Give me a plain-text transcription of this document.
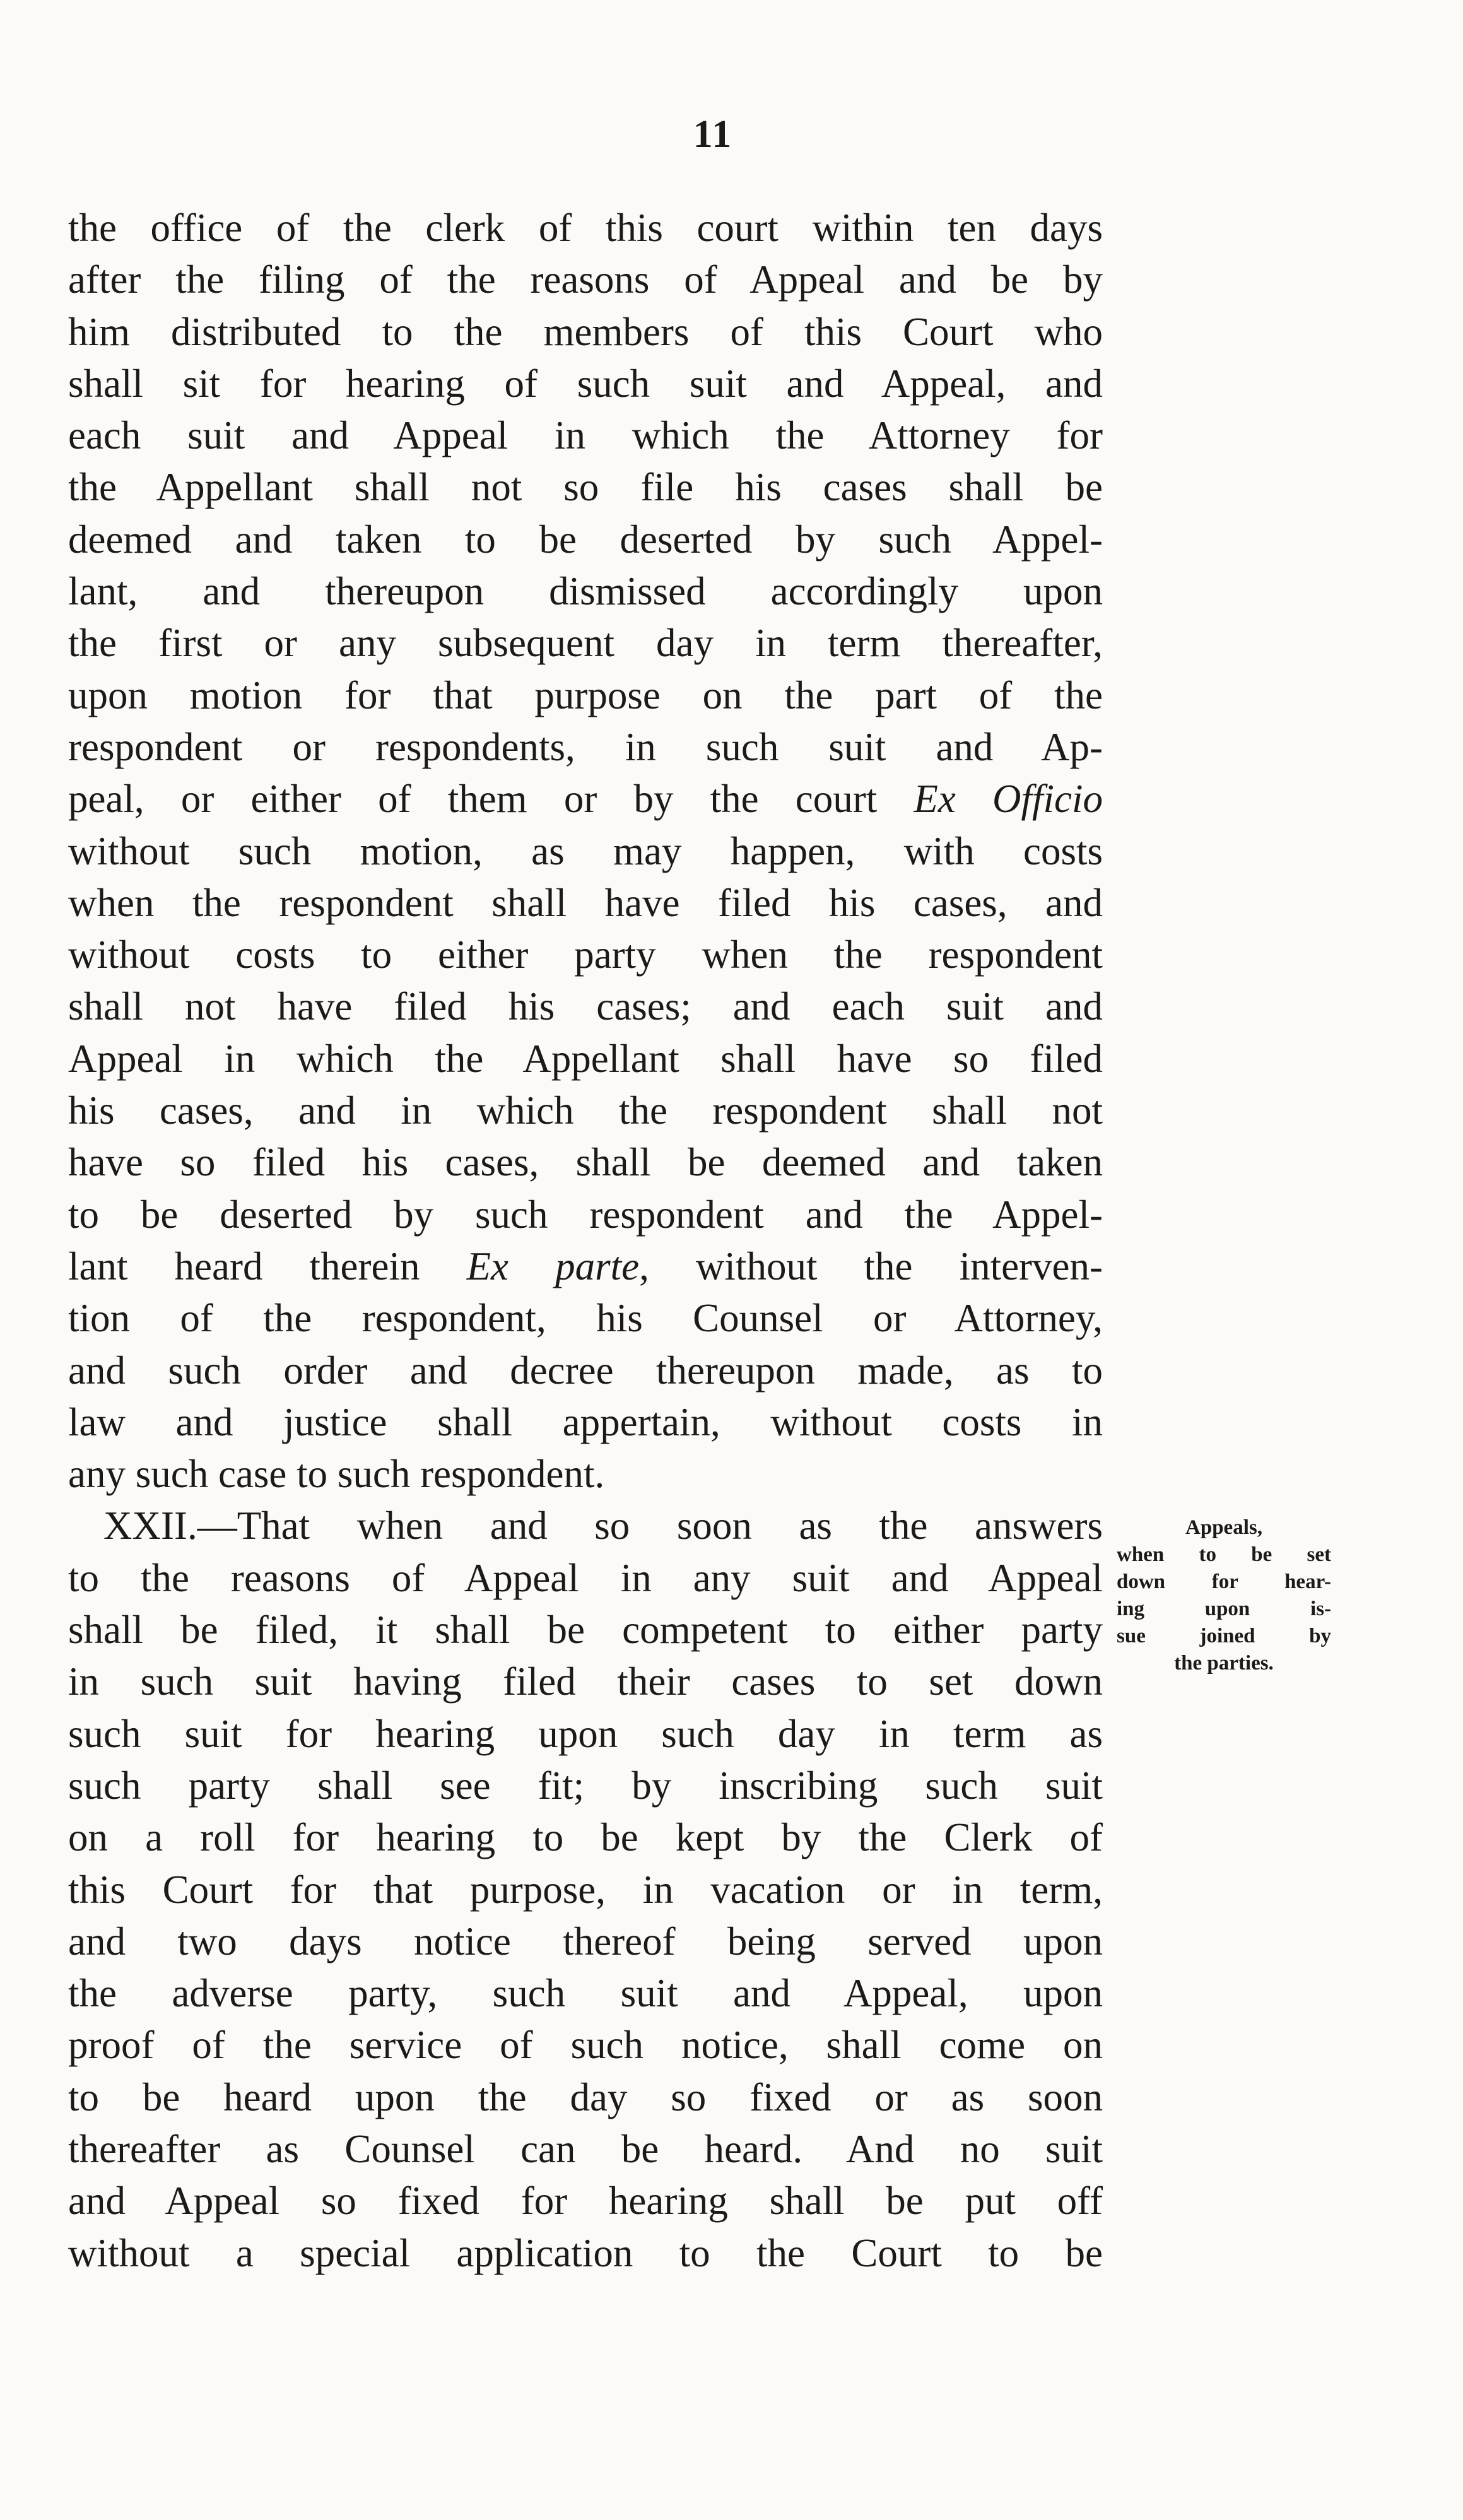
11
the office of the clerk of this court within ten days
after the filing of the reasons of Appeal and be by
him distributed to the members of this Court who
shall sit for hearing of such suit and Appeal, and
each suit and Appeal in which the Attorney for
the Appellant shall not so file his cases shall be
deemed and taken to be deserted by such Appel-
lant, and thereupon dismissed accordingly upon
the first or any subsequent day in term thereafter,
upon motion for that purpose on the part of the
respondent or respondents, in such suit and Ap-
peal, or either of them or by the court Ex Officio
without such motion, as may happen, with costs
when the respondent shall have filed his cases, and
without costs to either party when the respondent
shall not have filed his cases; and each suit and
Appeal in which the Appellant shall have so filed
his cases, and in which the respondent shall not
have so filed his cases, shall be deemed and taken
to be deserted by such respondent and the Appel-
lant heard therein Ex parte, without the interven-
tion of the respondent, his Counsel or Attorney,
and such order and decree thereupon made, as to
law and justice shall appertain, without costs in
any such case to such respondent.
XXII.—That when and so soon as the answers
to the reasons of Appeal in any suit and Appeal
shall be filed, it shall be competent to either party
in such suit having filed their cases to set down
such suit for hearing upon such day in term as
such party shall see fit; by inscribing such suit
on a roll for hearing to be kept by the Clerk of
this Court for that purpose, in vacation or in term,
and two days notice thereof being served upon
the adverse party, such suit and Appeal, upon
proof of the service of such notice, shall come on
to be heard upon the day so fixed or as soon
thereafter as Counsel can be heard. And no suit
and Appeal so fixed for hearing shall be put off
without a special application to the Court to be
Appeals,
when to be set
down for hear-
ing upon is-
sue joined by
the parties.
